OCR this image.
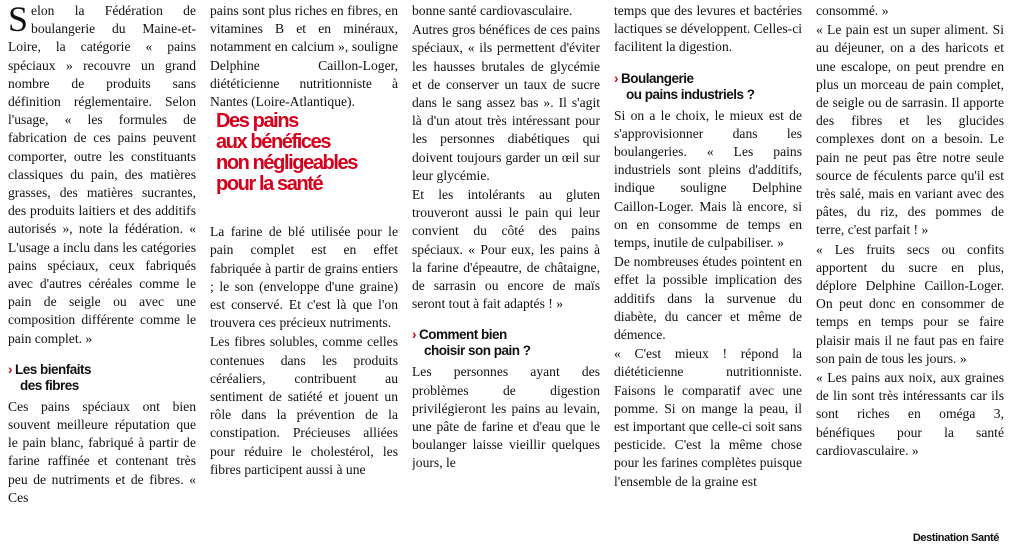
Selon la Fédération de boulangerie du Maine-et-Loire, la catégorie « pains spéciaux » recouvre un grand nombre de produits sans définition réglementaire. Selon l'usage, « les formules de fabrication de ces pains peuvent comporter, outre les constituants classiques du pain, des matières grasses, des matières sucrantes, des produits laitiers et des additifs autorisés », note la fédération. « L'usage a inclu dans les catégories pains spéciaux, ceux fabriqués avec d'autres céréales comme le pain de seigle ou avec une composition différente comme le pain complet. »

› Les bienfaits
des fibres

Ces pains spéciaux ont bien souvent meilleure réputation que le pain blanc, fabriqué à partir de farine raffinée et contenant très peu de nutriments et de fibres. « Ces

pains sont plus riches en fibres, en vitamines B et en minéraux, notamment en calcium », souligne Delphine Caillon-Loger, diététicienne nutritionniste à Nantes (Loire-Atlantique).

Des pains
aux bénéfices
non négligeables
pour la santé

La farine de blé utilisée pour le pain complet est en effet fabriquée à partir de grains entiers ; le son (enveloppe d'une graine) est conservé. Et c'est là que l'on trouvera ces précieux nutriments.

Les fibres solubles, comme celles contenues dans les produits céréaliers, contribuent au sentiment de satiété et jouent un rôle dans la prévention de la constipation. Précieuses alliées pour réduire le cholestérol, les fibres participent aussi à une

bonne santé cardiovasculaire.

Autres gros bénéfices de ces pains spéciaux, « ils permettent d'éviter les hausses brutales de glycémie et de conserver un taux de sucre dans le sang assez bas ». Il s'agit là d'un atout très intéressant pour les personnes diabétiques qui doivent toujours garder un œil sur leur glycémie.

Et les intolérants au gluten trouveront aussi le pain qui leur convient du côté des pains spéciaux. « Pour eux, les pains à la farine d'épeautre, de châtaigne, de sarrasin ou encore de maïs seront tout à fait adaptés ! »

› Comment bien
choisir son pain ?

Les personnes ayant des problèmes de digestion privilégieront les pains au levain, une pâte de farine et d'eau que le boulanger laisse vieillir quelques jours, le

temps que des levures et bactéries lactiques se développent. Celles-ci facilitent la digestion.

› Boulangerie
ou pains industriels ?

Si on a le choix, le mieux est de s'approvisionner dans les boulangeries. « Les pains industriels sont pleins d'additifs, indique souligne Delphine Caillon-Loger. Mais là encore, si on en consomme de temps en temps, inutile de culpabiliser. »

De nombreuses études pointent en effet la possible implication des additifs dans la survenue du diabète, du cancer et même de démence.

« C'est mieux ! répond la diététicienne nutritionniste. Faisons le comparatif avec une pomme. Si on mange la peau, il est important que celle-ci soit sans pesticide. C'est la même chose pour les farines complètes puisque l'ensemble de la graine est

consommé. »

« Le pain est un super aliment. Si au déjeuner, on a des haricots et une escalope, on peut prendre en plus un morceau de pain complet, de seigle ou de sarrasin. Il apporte des fibres et les glucides complexes dont on a besoin. Le pain ne peut pas être notre seule source de féculents parce qu'il est très salé, mais en variant avec des pâtes, du riz, des pommes de terre, c'est parfait ! »

« Les fruits secs ou confits apportent du sucre en plus, déplore Delphine Caillon-Loger. On peut donc en consommer de temps en temps pour se faire plaisir mais il ne faut pas en faire son pain de tous les jours. »

« Les pains aux noix, aux graines de lin sont très intéressants car ils sont riches en oméga 3, bénéfiques pour la santé cardiovasculaire. »

Destination Santé
